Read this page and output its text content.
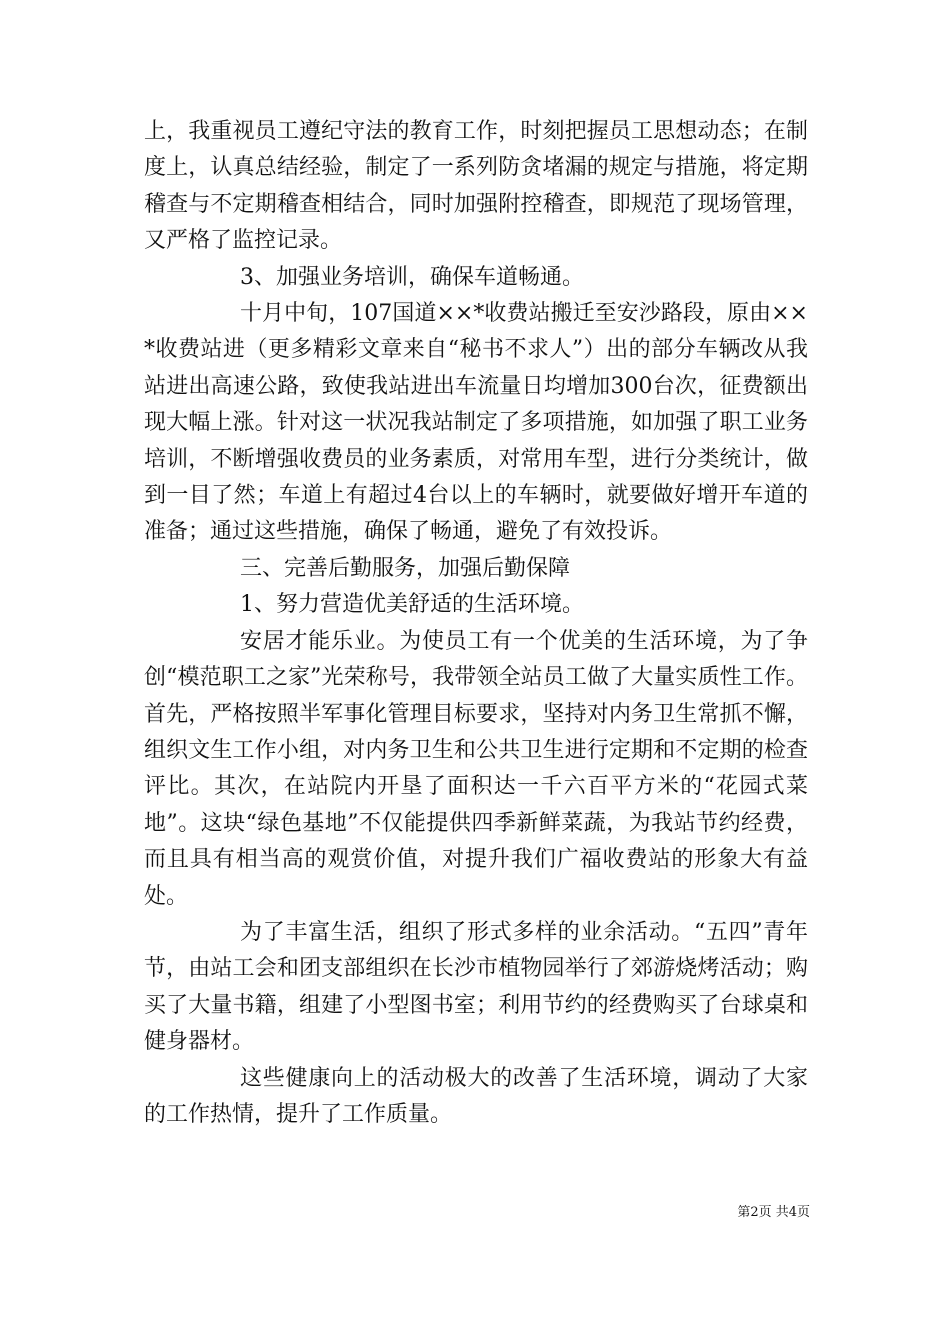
上，我重视员工遵纪守法的教育工作，时刻把握员工思想动态；在制度上，认真总结经验，制定了一系列防贪堵漏的规定与措施，将定期稽查与不定期稽查相结合，同时加强附控稽查，即规范了现场管理，又严格了监控记录。

3、加强业务培训，确保车道畅通。

十月中旬，107国道××*收费站搬迁至安沙路段，原由××*收费站进（更多精彩文章来自“秘书不求人”）出的部分车辆改从我站进出高速公路，致使我站进出车流量日均增加300台次，征费额出现大幅上涨。针对这一状况我站制定了多项措施，如加强了职工业务培训，不断增强收费员的业务素质，对常用车型，进行分类统计，做到一目了然；车道上有超过4台以上的车辆时，就要做好增开车道的准备；通过这些措施，确保了畅通，避免了有效投诉。

三、完善后勤服务，加强后勤保障

1、努力营造优美舒适的生活环境。

安居才能乐业。为使员工有一个优美的生活环境，为了争创“模范职工之家”光荣称号，我带领全站员工做了大量实质性工作。首先，严格按照半军事化管理目标要求，坚持对内务卫生常抓不懈，组织文生工作小组，对内务卫生和公共卫生进行定期和不定期的检查评比。其次，在站院内开垦了面积达一千六百平方米的“花园式菜地”。这块“绿色基地”不仅能提供四季新鲜菜蔬，为我站节约经费，而且具有相当高的观赏价值，对提升我们广福收费站的形象大有益处。

为了丰富生活，组织了形式多样的业余活动。“五四”青年节，由站工会和团支部组织在长沙市植物园举行了郊游烧烤活动；购买了大量书籍，组建了小型图书室；利用节约的经费购买了台球桌和健身器材。

这些健康向上的活动极大的改善了生活环境，调动了大家的工作热情，提升了工作质量。

第2页 共4页
